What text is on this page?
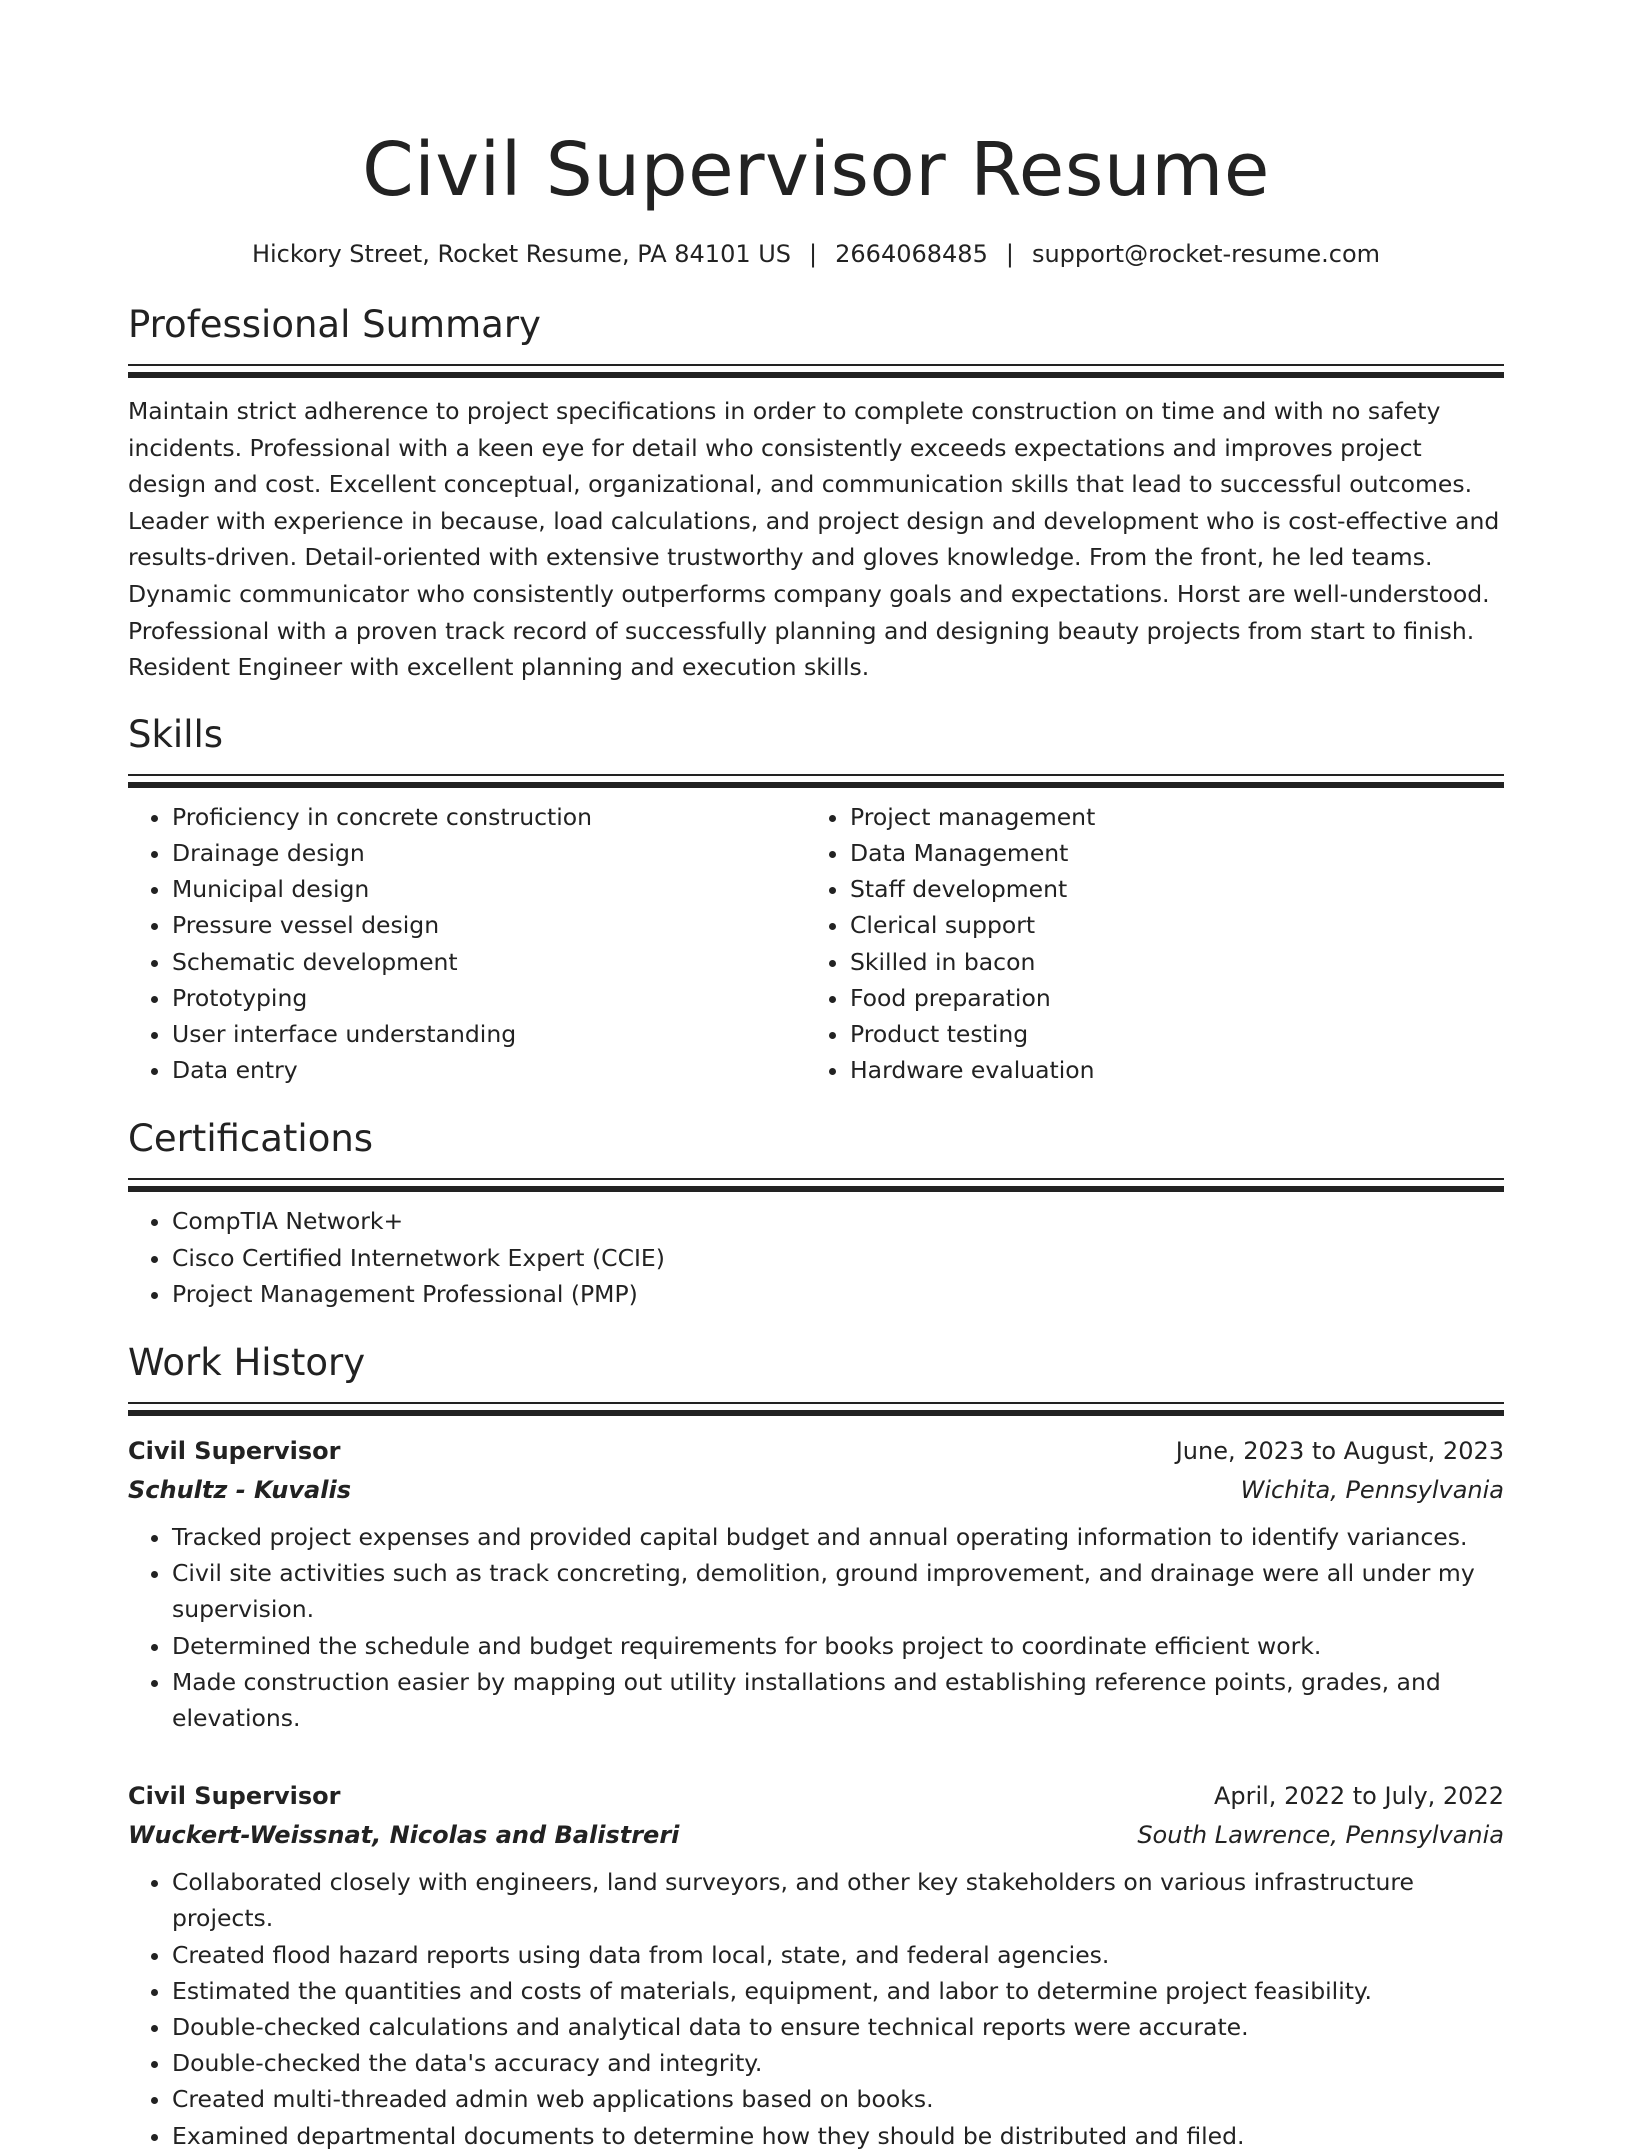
Civil Supervisor Resume
Hickory Street, Rocket Resume, PA 84101 US | 2664068485 | support@rocket-resume.com
Professional Summary

Maintain strict adherence to project specifications in order to complete construction on time and with no safety incidents. Professional with a keen eye for detail who consistently exceeds expectations and improves project design and cost. Excellent conceptual, organizational, and communication skills that lead to successful outcomes. Leader with experience in because, load calculations, and project design and development who is cost-effective and results-driven. Detail-oriented with extensive trustworthy and gloves knowledge. From the front, he led teams. Dynamic communicator who consistently outperforms company goals and expectations. Horst are well-understood. Professional with a proven track record of successfully planning and designing beauty projects from start to finish. Resident Engineer with excellent planning and execution skills.

Skills
• Proficiency in concrete construction
• Drainage design
• Municipal design
• Pressure vessel design
• Schematic development
• Prototyping
• User interface understanding
• Data entry
• Project management
• Data Management
• Staff development
• Clerical support
• Skilled in bacon
• Food preparation
• Product testing
• Hardware evaluation
Certifications
• CompTIA Network+
• Cisco Certified Internetwork Expert (CCIE)
• Project Management Professional (PMP)
Work History
Civil Supervisor	June, 2023 to August, 2023
Schultz - Kuvalis	Wichita, Pennsylvania
• Tracked project expenses and provided capital budget and annual operating information to identify variances.
• Civil site activities such as track concreting, demolition, ground improvement, and drainage were all under my supervision.
• Determined the schedule and budget requirements for books project to coordinate efficient work.
• Made construction easier by mapping out utility installations and establishing reference points, grades, and elevations.
Civil Supervisor	April, 2022 to July, 2022
Wuckert-Weissnat, Nicolas and Balistreri	South Lawrence, Pennsylvania
• Collaborated closely with engineers, land surveyors, and other key stakeholders on various infrastructure projects.
• Created flood hazard reports using data from local, state, and federal agencies.
• Estimated the quantities and costs of materials, equipment, and labor to determine project feasibility.
• Double-checked calculations and analytical data to ensure technical reports were accurate.
• Double-checked the data's accuracy and integrity.
• Created multi-threaded admin web applications based on books.
• Examined departmental documents to determine how they should be distributed and filed.
